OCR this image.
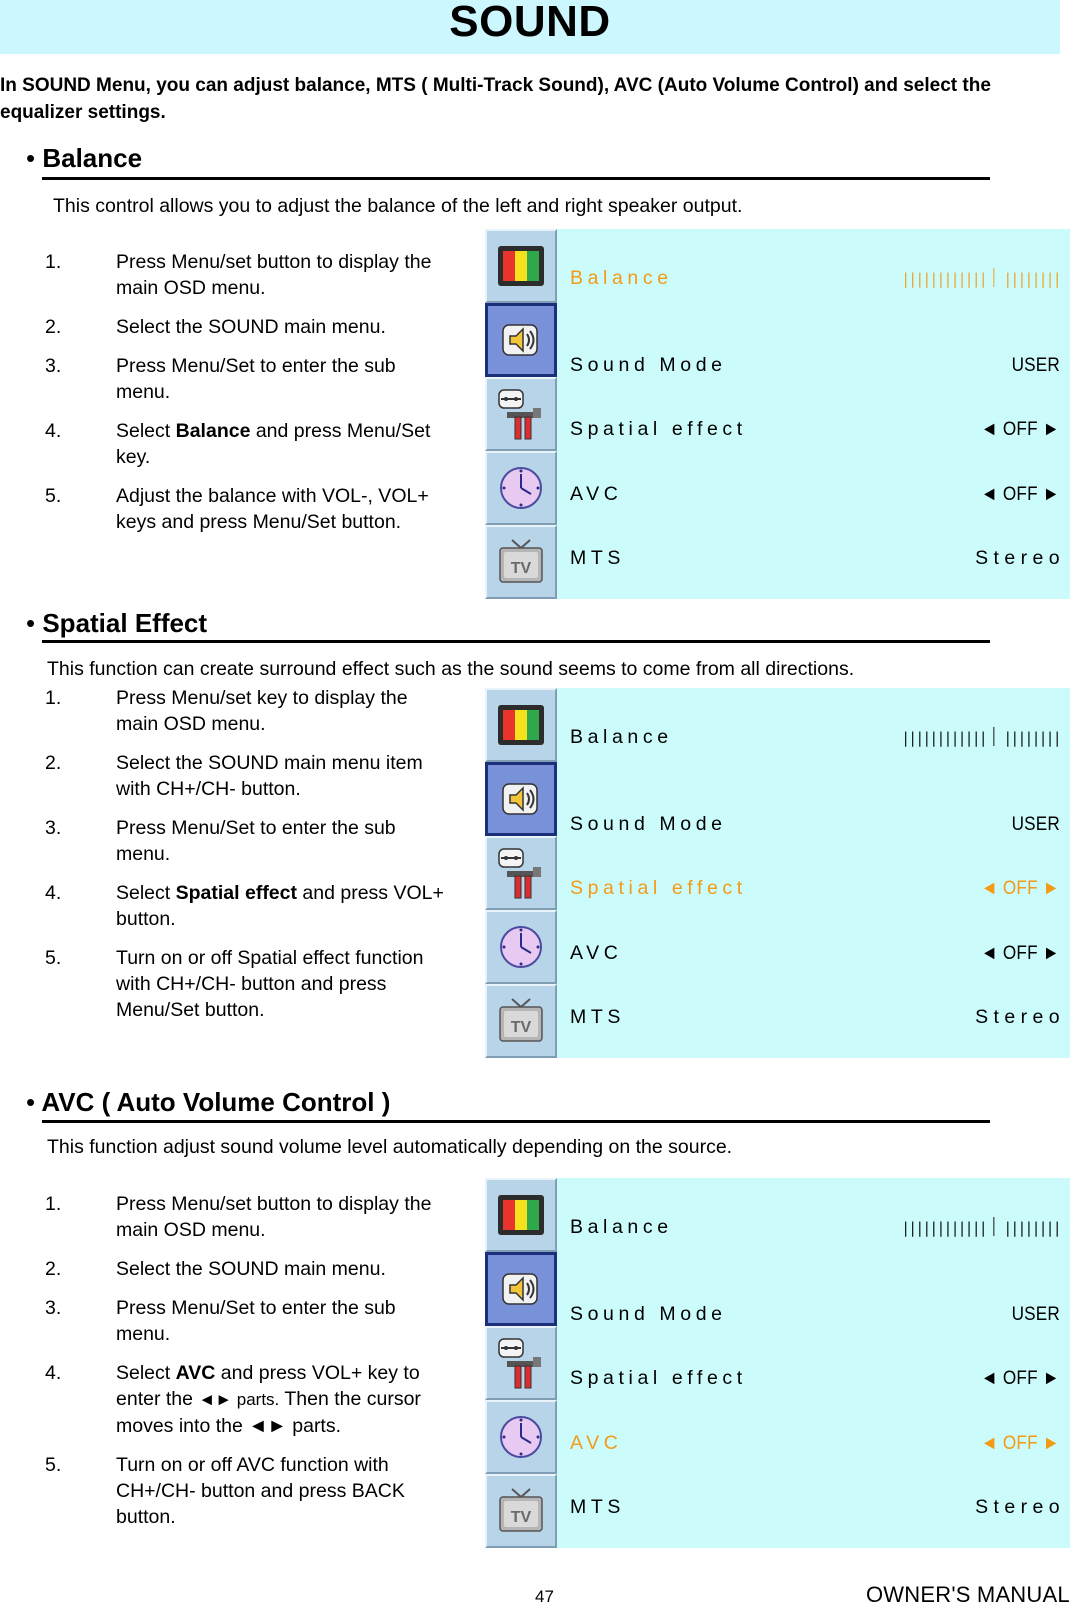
SOUND

In SOUND Menu, you can adjust balance, MTS ( Multi-Track Sound), AVC (Auto Volume Control) and select the equalizer settings.

• Balance

This control allows you to adjust the balance of the left and right speaker output.

1.	Press Menu/set button to display the main OSD menu.
2.	Select the SOUND main menu.
3.	Press Menu/Set to enter the sub menu.
4.	Select Balance and press Menu/Set key.
5.	Adjust the balance with VOL-, VOL+ keys and press Menu/Set button.
TV
Balance	|||||||||||| ||||||||
Sound Mode	USER
Spatial effect	◄ OFF ►
AVC	◄ OFF ►
MTS	Stereo
• Spatial Effect

This function can create surround effect such as the sound seems to come from all directions.

1.	Press Menu/set key to display the main OSD menu.
2.	Select the SOUND main menu item with CH+/CH- button.
3.	Press Menu/Set to enter the sub menu.
4.	Select Spatial effect and press VOL+ button.
5.	Turn on or off Spatial effect function with CH+/CH- button and press Menu/Set button.
TV
Balance	|||||||||||| ||||||||
Sound Mode	USER
Spatial effect	◄ OFF ►
AVC	◄ OFF ►
MTS	Stereo
• AVC ( Auto Volume Control )

This function adjust sound volume level automatically depending on the source.

1.	Press Menu/set button to display the main OSD menu.
2.	Select the SOUND main menu.
3.	Press Menu/Set to enter the sub menu.
4.	Select AVC and press VOL+ key to enter the ◄► parts. Then the cursor moves into the ◄► parts.
5.	Turn on or off AVC function with CH+/CH- button and press BACK button.	TV
Balance	|||||||||||| ||||||||
Sound Mode	USER
Spatial effect	◄ OFF ►
AVC	◄ OFF ►
MTS	Stereo
47	OWNER'S MANUAL
